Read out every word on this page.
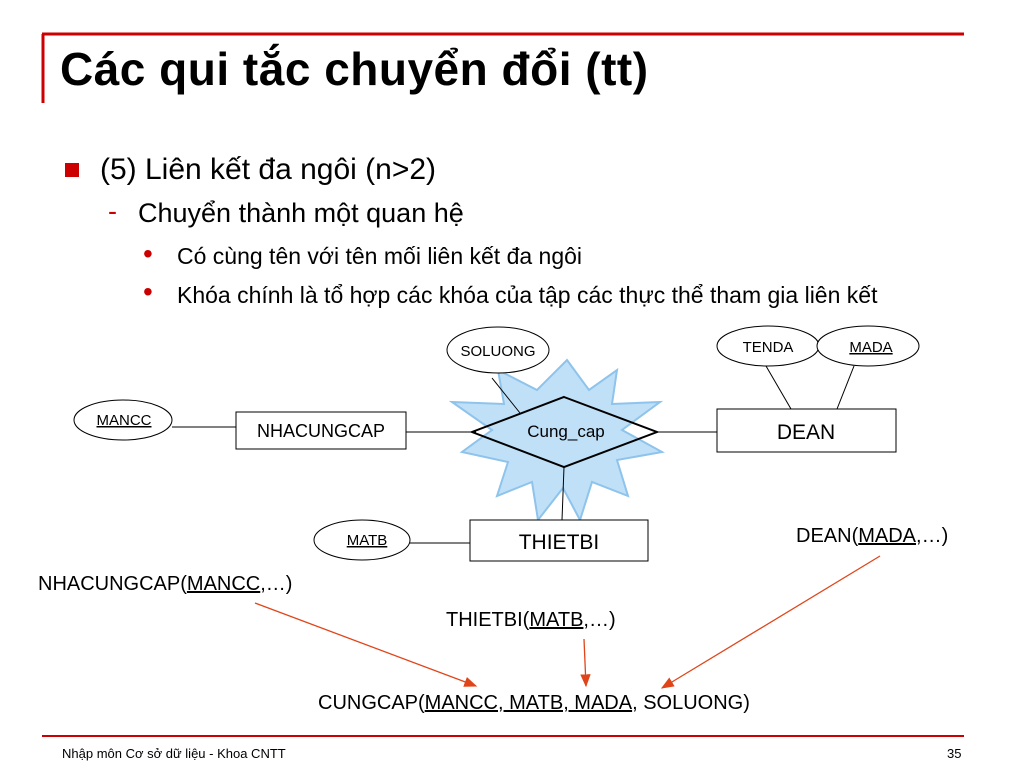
Các qui tắc chuyển đổi (tt)
(5) Liên kết đa ngôi (n>2)
- Chuyển thành một quan hệ
• Có cùng tên với tên mối liên kết đa ngôi
• Khóa chính là tổ hợp các khóa của tập các thực thể tham gia liên kết
Cung_cap
NHACUNGCAP	DEAN
THIETBI
SOLUONG	TENDA	MADA
MANCC
MATB	DEAN(MADA,…)
NHACUNGCAP(MANCC,…)
THIETBI(MATB,…)
CUNGCAP(MANCC, MATB, MADA, SOLUONG)
Nhập môn Cơ sở dữ liệu - Khoa CNTT	35
